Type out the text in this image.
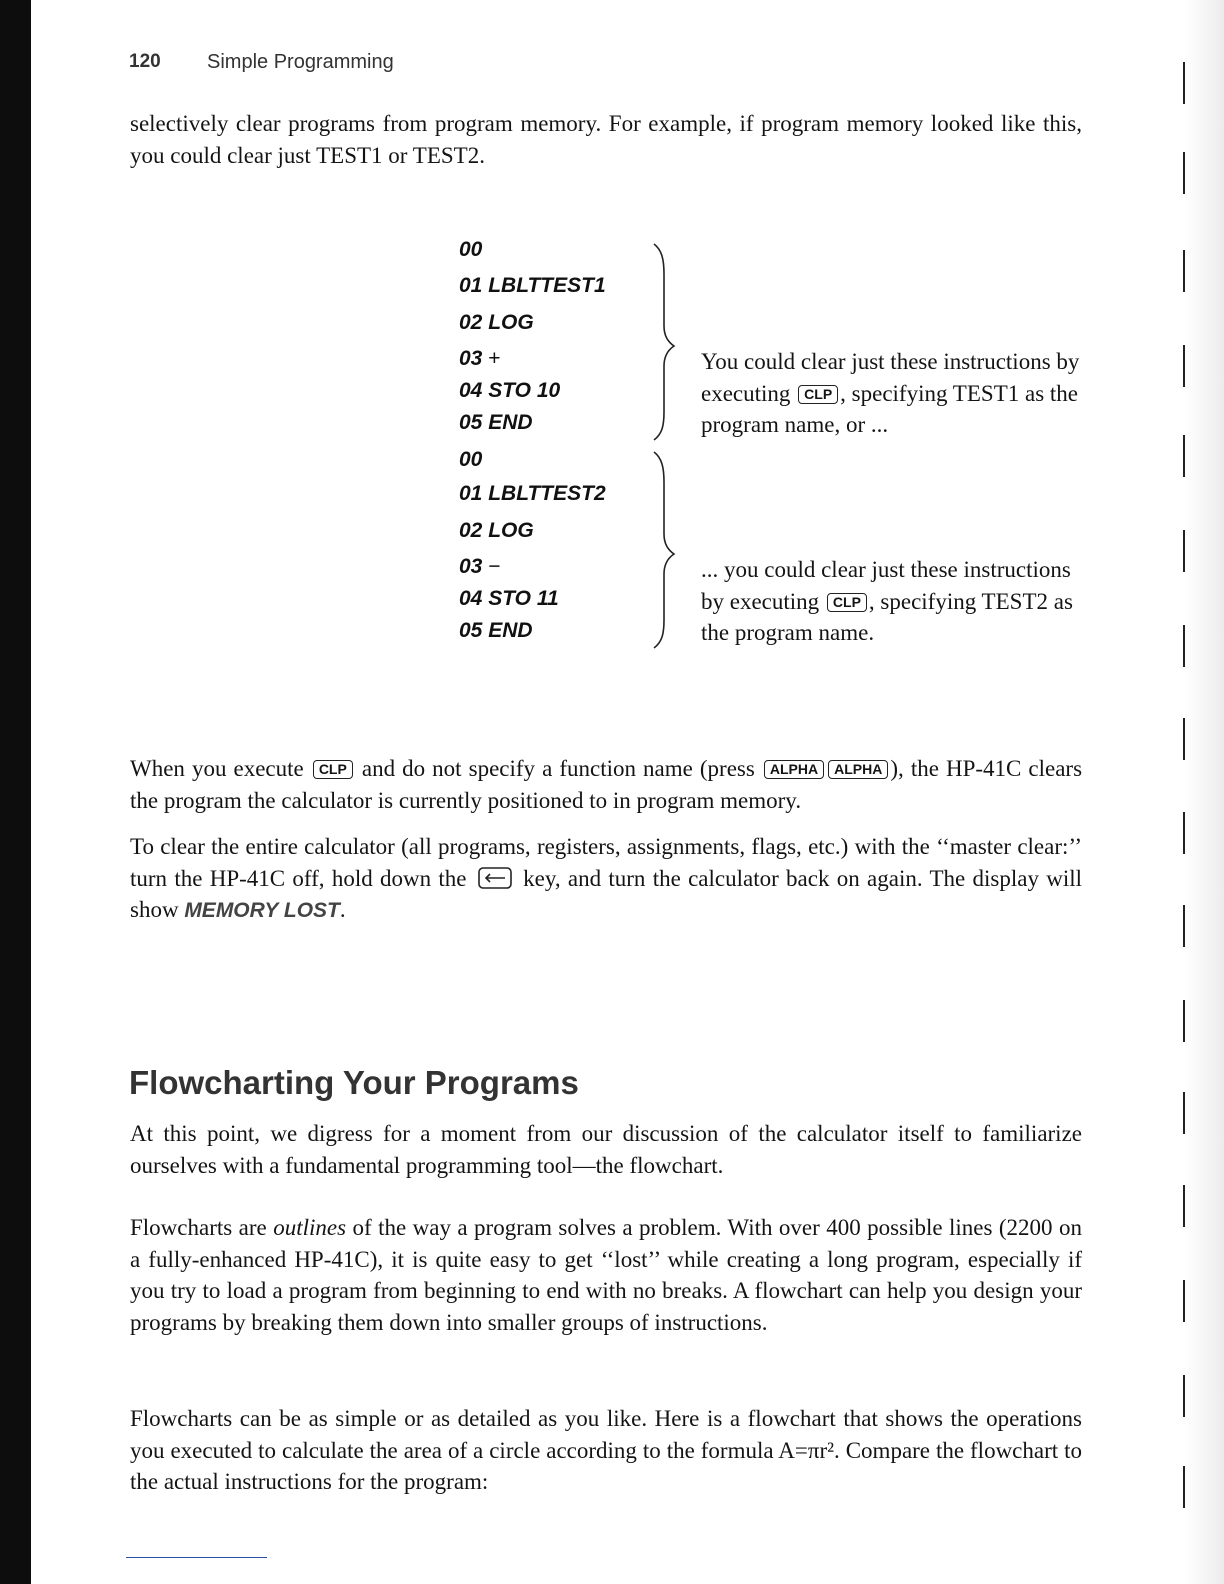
120 Simple Programming
selectively clear programs from program memory. For example, if program memory looked like this, you could clear just TEST1 or TEST2.
00
01 LBLTTEST1
02 LOG
03 +
04 STO 10
05 END
You could clear just these instructions by executing CLP , specifying TEST1 as the program name, or ...
00
01 LBLTTEST2
02 LOG
03 −
04 STO 11
05 END
... you could clear just these instructions by executing CLP , specifying TEST2 as the program name.
When you execute CLP and do not specify a function name (press ALPHA ALPHA ), the HP-41C clears the program the calculator is currently positioned to in program memory.
To clear the entire calculator (all programs, registers, assignments, flags, etc.) with the ‘‘master clear:’’ turn the HP-41C off, hold down the key, and turn the calculator back on again. The display will show MEMORY LOST.
Flowcharting Your Programs
At this point, we digress for a moment from our discussion of the calculator itself to familiarize ourselves with a fundamental programming tool—the flowchart.
Flowcharts are outlines of the way a program solves a problem. With over 400 possible lines (2200 on a fully-enhanced HP-41C), it is quite easy to get ‘‘lost’’ while creating a long program, especially if you try to load a program from beginning to end with no breaks. A flowchart can help you design your programs by breaking them down into smaller groups of instructions.
Flowcharts can be as simple or as detailed as you like. Here is a flowchart that shows the operations you executed to calculate the area of a circle according to the formula A=πr². Compare the flowchart to the actual instructions for the program:
